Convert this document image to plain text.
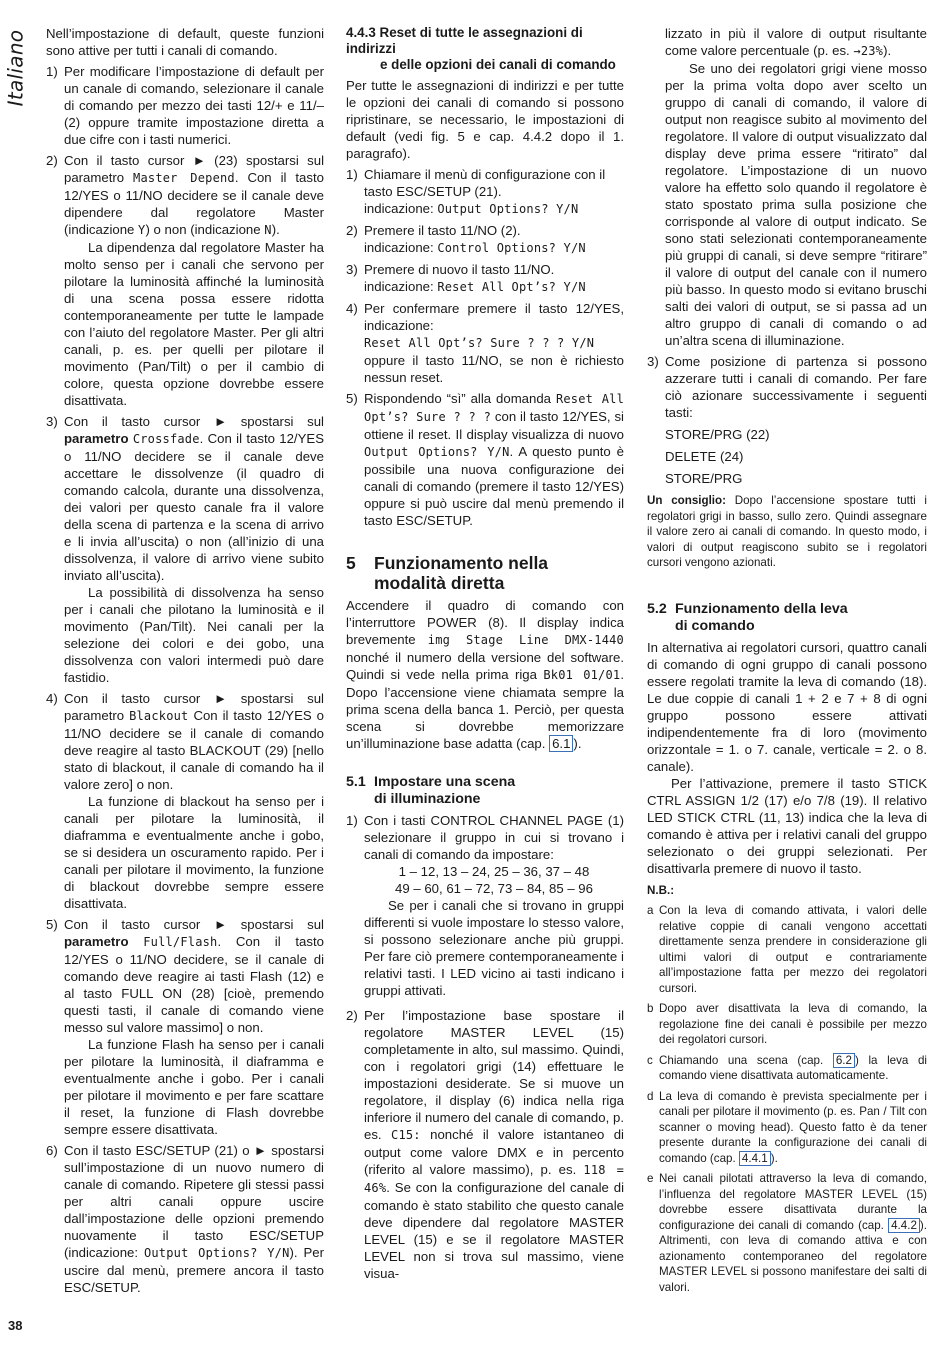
Italiano
38

Nell’impostazione di default, queste funzioni sono attive per tutti i canali di comando.

1) Per modificare l’impostazione di default per un canale di comando, selezionare il canale di comando per mezzo dei tasti 12/+ e 11/– (2) oppure tramite impostazione diretta a due cifre con i tasti numerici.
2) Con il tasto cursor ► (23) spostarsi sul parametro Master Depend. Con il tasto 12/YES o 11/NO decidere se il canale deve dipendere dal regolatore Master (indicazione Y) o non (indicazione N).

La dipendenza dal regolatore Master ha molto senso per i canali che servono per pilotare la luminosità affinché la luminosità di una scena possa essere ridotta contemporaneamente per tutte le lampade con l’aiuto del regolatore Master. Per gli altri canali, p. es. per quelli per pilotare il movimento (Pan/Tilt) o per il cambio di colore, questa opzione dovrebbe essere disattivata.

3) Con il tasto cursor ► spostarsi sul parametro Crossfade. Con il tasto 12/YES o 11/NO decidere se il canale deve accettare le dissolvenze (il quadro di comando calcola, durante una dissolvenza, dei valori per questo canale fra il valore della scena di partenza e la scena di arrivo e li invia all’uscita) o non (all’inizio di una dissolvenza, il valore di arrivo viene subito inviato all’uscita).

La possibilità di dissolvenza ha senso per i canali che pilotano la luminosità e il movimento (Pan/Tilt). Nei canali per la selezione dei colori e dei gobo, una dissolvenza con valori intermedi può dare fastidio.

4) Con il tasto cursor ► spostarsi sul parametro Blackout Con il tasto 12/YES o 11/NO decidere se il canale di comando deve reagire al tasto BLACKOUT (29) [nello stato di blackout, il canale di comando ha il valore zero] o non.

La funzione di blackout ha senso per i canali per pilotare la luminosità, il diaframma e eventualmente anche i gobo, se si desidera un oscuramento rapido. Per i canali per pilotare il movimento, la funzione di blackout dovrebbe sempre essere disattivata.

5) Con il tasto cursor ► spostarsi sul parametro Full/Flash. Con il tasto 12/YES o 11/NO decidere, se il canale di comando deve reagire ai tasti Flash (12) e al tasto FULL ON (28) [cioè, premendo questi tasti, il canale di comando viene messo sul valore massimo] o non.

La funzione Flash ha senso per i canali per pilotare la luminosità, il diaframma e eventualmente anche i gobo. Per i canali per pilotare il movimento e per fare scattare il reset, la funzione di Flash dovrebbe sempre essere disattivata.

6) Con il tasto ESC/SETUP (21) o ► spostarsi sull’impostazione di un nuovo numero di canale di comando. Ripetere gli stessi passi per altri canali oppure uscire dall’impostazione delle opzioni premendo nuovamente il tasto ESC/SETUP (indicazione: Output Options? Y/N). Per uscire dal menù, premere ancora il tasto ESC/SETUP.
4.4.3 Reset di tutte le assegnazioni di indirizzi
e delle opzioni dei canali di comando

Per tutte le assegnazioni di indirizzi e per tutte le opzioni dei canali di comando si possono ripristinare, se necessario, le impostazioni di default (vedi fig. 5 e cap. 4.4.2 dopo il 1. paragrafo).

1) Chiamare il menù di configurazione con il tasto ESC/SETUP (21).
indicazione: Output Options? Y/N
2) Premere il tasto 11/NO (2).
indicazione: Control Options? Y/N
3) Premere di nuovo il tasto 11/NO.
indicazione: Reset All Opt’s? Y/N
4) Per confermare premere il tasto 12/YES, indicazione:
Reset All Opt’s? Sure ? ? ? Y/N
oppure il tasto 11/NO, se non è richiesto nessun reset.
5) Rispondendo “sì” alla domanda Reset All Opt’s? Sure ? ? ? con il tasto 12/YES, si ottiene il reset. Il display visualizza di nuovo Output Options? Y/N. A questo punto è possibile una nuova configurazione dei canali di comando (premere il tasto 12/YES) oppure si può uscire dal menù premendo il tasto ESC/SETUP.
5 Funzionamento nella
modalità diretta

Accendere il quadro di comando con l’interruttore POWER (8). Il display indica brevemente img Stage Line DMX-1440 nonché il numero della versione del software. Quindi si vede nella prima riga Bk01 01/01. Dopo l’accensione viene chiamata sempre la prima scena della banca 1. Perciò, per questa scena si dovrebbe memorizzare un’illuminazione base adatta (cap. 6.1 ).

5.1 Impostare una scena
di illuminazione
1) Con i tasti CONTROL CHANNEL PAGE (1) selezionare il gruppo in cui si trovano i canali di comando da impostare:

1 – 12, 13 – 24, 25 – 36, 37 – 48

49 – 60, 61 – 72, 73 – 84, 85 – 96

Se per i canali che si trovano in gruppi differenti si vuole impostare lo stesso valore, si possono selezionare anche più gruppi. Per fare ciò premere contemporaneamente i relativi tasti. I LED vicino ai tasti indicano i gruppi attivati.

2) Per l’impostazione base spostare il regolatore MASTER LEVEL (15) completamente in alto, sul massimo. Quindi, con i regolatori grigi (14) effettuare le impostazioni desiderate. Se si muove un regolatore, il display (6) indica nella riga inferiore il numero del canale di comando, p. es. C15: nonché il valore istantaneo di output come valore DMX e in percento (riferito al valore massimo), p. es. 118 = 46%. Se con la configurazione del canale di comando è stato stabilito che questo canale deve dipendere dal regolatore MASTER LEVEL (15) e se il regolatore MASTER LEVEL non si trova sul massimo, viene visua-

lizzato in più il valore di output risultante come valore percentuale (p. es. →23%).

Se uno dei regolatori grigi viene mosso per la prima volta dopo aver scelto un gruppo di canali di comando, il valore di output non reagisce subito al movimento del regolatore. Il valore di output visualizzato dal display deve prima essere “ritirato” dal regolatore. L’impostazione di un nuovo valore ha effetto solo quando il regolatore è stato spostato prima sulla posizione che corrisponde al valore di output indicato. Se sono stati selezionati contemporaneamente più gruppi di canali, si deve sempre “ritirare” il valore di output del canale con il numero più basso. In questo modo si evitano bruschi salti dei valori di output, se si passa ad un altro gruppo di canali di comando o ad un’altra scena di illuminazione.

3) Come posizione di partenza si possono azzerare tutti i canali di comando. Per fare ciò azionare successivamente i seguenti tasti:

STORE/PRG (22)

DELETE (24)

STORE/PRG

Un consiglio: Dopo l’accensione spostare tutti i regolatori grigi in basso, sullo zero. Quindi assegnare il valore zero ai canali di comando. In questo modo, i valori di output reagiscono subito se i regolatori cursori vengono azionati.

5.2 Funzionamento della leva
di comando

In alternativa ai regolatori cursori, quattro canali di comando di ogni gruppo di canali possono essere regolati tramite la leva di comando (18). Le due coppie di canali 1 + 2 e 7 + 8 di ogni gruppo possono essere attivati indipendentemente fra di loro (movimento orizzontale = 1. o 7. canale, verticale = 2. o 8. canale).

Per l’attivazione, premere il tasto STICK CTRL ASSIGN 1/2 (17) e/o 7/8 (19). Il relativo LED STICK CTRL (11, 13) indica che la leva di comando è attiva per i relativi canali del gruppo selezionato o dei gruppi selezionati. Per disattivarla premere di nuovo il tasto.

N.B.:

a Con la leva di comando attivata, i valori delle relative coppie di canali vengono accettati direttamente senza prendere in considerazione gli ultimi valori di output e contrariamente all’impostazione fatta per mezzo dei regolatori cursori.
b Dopo aver disattivata la leva di comando, la regolazione fine dei canali è possibile per mezzo dei regolatori cursori.
c Chiamando una scena (cap. 6.2 ) la leva di comando viene disattivata automaticamente.
d La leva di comando è prevista specialmente per i canali per pilotare il movimento (p. es. Pan / Tilt con scanner o moving head). Questo fatto è da tener presente durante la configurazione dei canali di comando (cap. 4.4.1 ).
e Nei canali pilotati attraverso la leva di comando, l’influenza del regolatore MASTER LEVEL (15) dovrebbe essere disattivata durante la configurazione dei canali di comando (cap. 4.4.2 ). Altrimenti, con leva di comando attiva e con azionamento contemporaneo del regolatore MASTER LEVEL si possono manifestare dei salti di valori.
